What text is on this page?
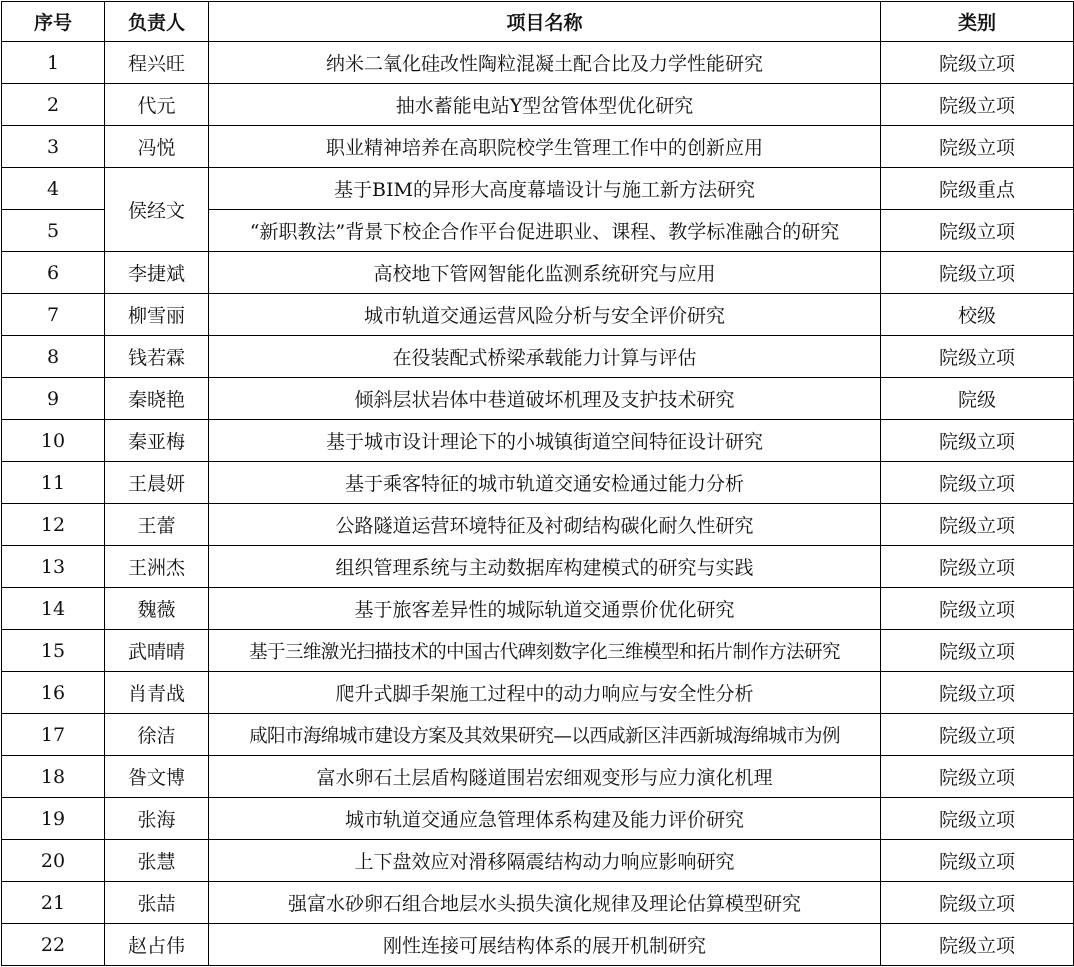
序号	负责人	项目名称	类别
1	程兴旺	纳米二氧化硅改性陶粒混凝土配合比及力学性能研究	院级立项
2	代元	抽水蓄能电站Y型岔管体型优化研究	院级立项
3	冯悦	职业精神培养在高职院校学生管理工作中的创新应用	院级立项
4	侯经文	基于BIM的异形大高度幕墙设计与施工新方法研究	院级重点
5		“新职教法”背景下校企合作平台促进职业、课程、教学标准融合的研究	院级立项
6	李捷斌	高校地下管网智能化监测系统研究与应用	院级立项
7	柳雪丽	城市轨道交通运营风险分析与安全评价研究	校级
8	钱若霖	在役装配式桥梁承载能力计算与评估	院级立项
9	秦晓艳	倾斜层状岩体中巷道破坏机理及支护技术研究	院级
10	秦亚梅	基于城市设计理论下的小城镇街道空间特征设计研究	院级立项
11	王晨妍	基于乘客特征的城市轨道交通安检通过能力分析	院级立项
12	王蕾	公路隧道运营环境特征及衬砌结构碳化耐久性研究	院级立项
13	王洲杰	组织管理系统与主动数据库构建模式的研究与实践	院级立项
14	魏薇	基于旅客差异性的城际轨道交通票价优化研究	院级立项
15	武晴晴	基于三维激光扫描技术的中国古代碑刻数字化三维模型和拓片制作方法研究	院级立项
16	肖青战	爬升式脚手架施工过程中的动力响应与安全性分析	院级立项
17	徐洁	咸阳市海绵城市建设方案及其效果研究—以西咸新区沣西新城海绵城市为例	院级立项
18	昝文博	富水卵石土层盾构隧道围岩宏细观变形与应力演化机理	院级立项
19	张海	城市轨道交通应急管理体系构建及能力评价研究	院级立项
20	张慧	上下盘效应对滑移隔震结构动力响应影响研究	院级立项
21	张喆	强富水砂卵石组合地层水头损失演化规律及理论估算模型研究	院级立项
22	赵占伟	刚性连接可展结构体系的展开机制研究	院级立项
